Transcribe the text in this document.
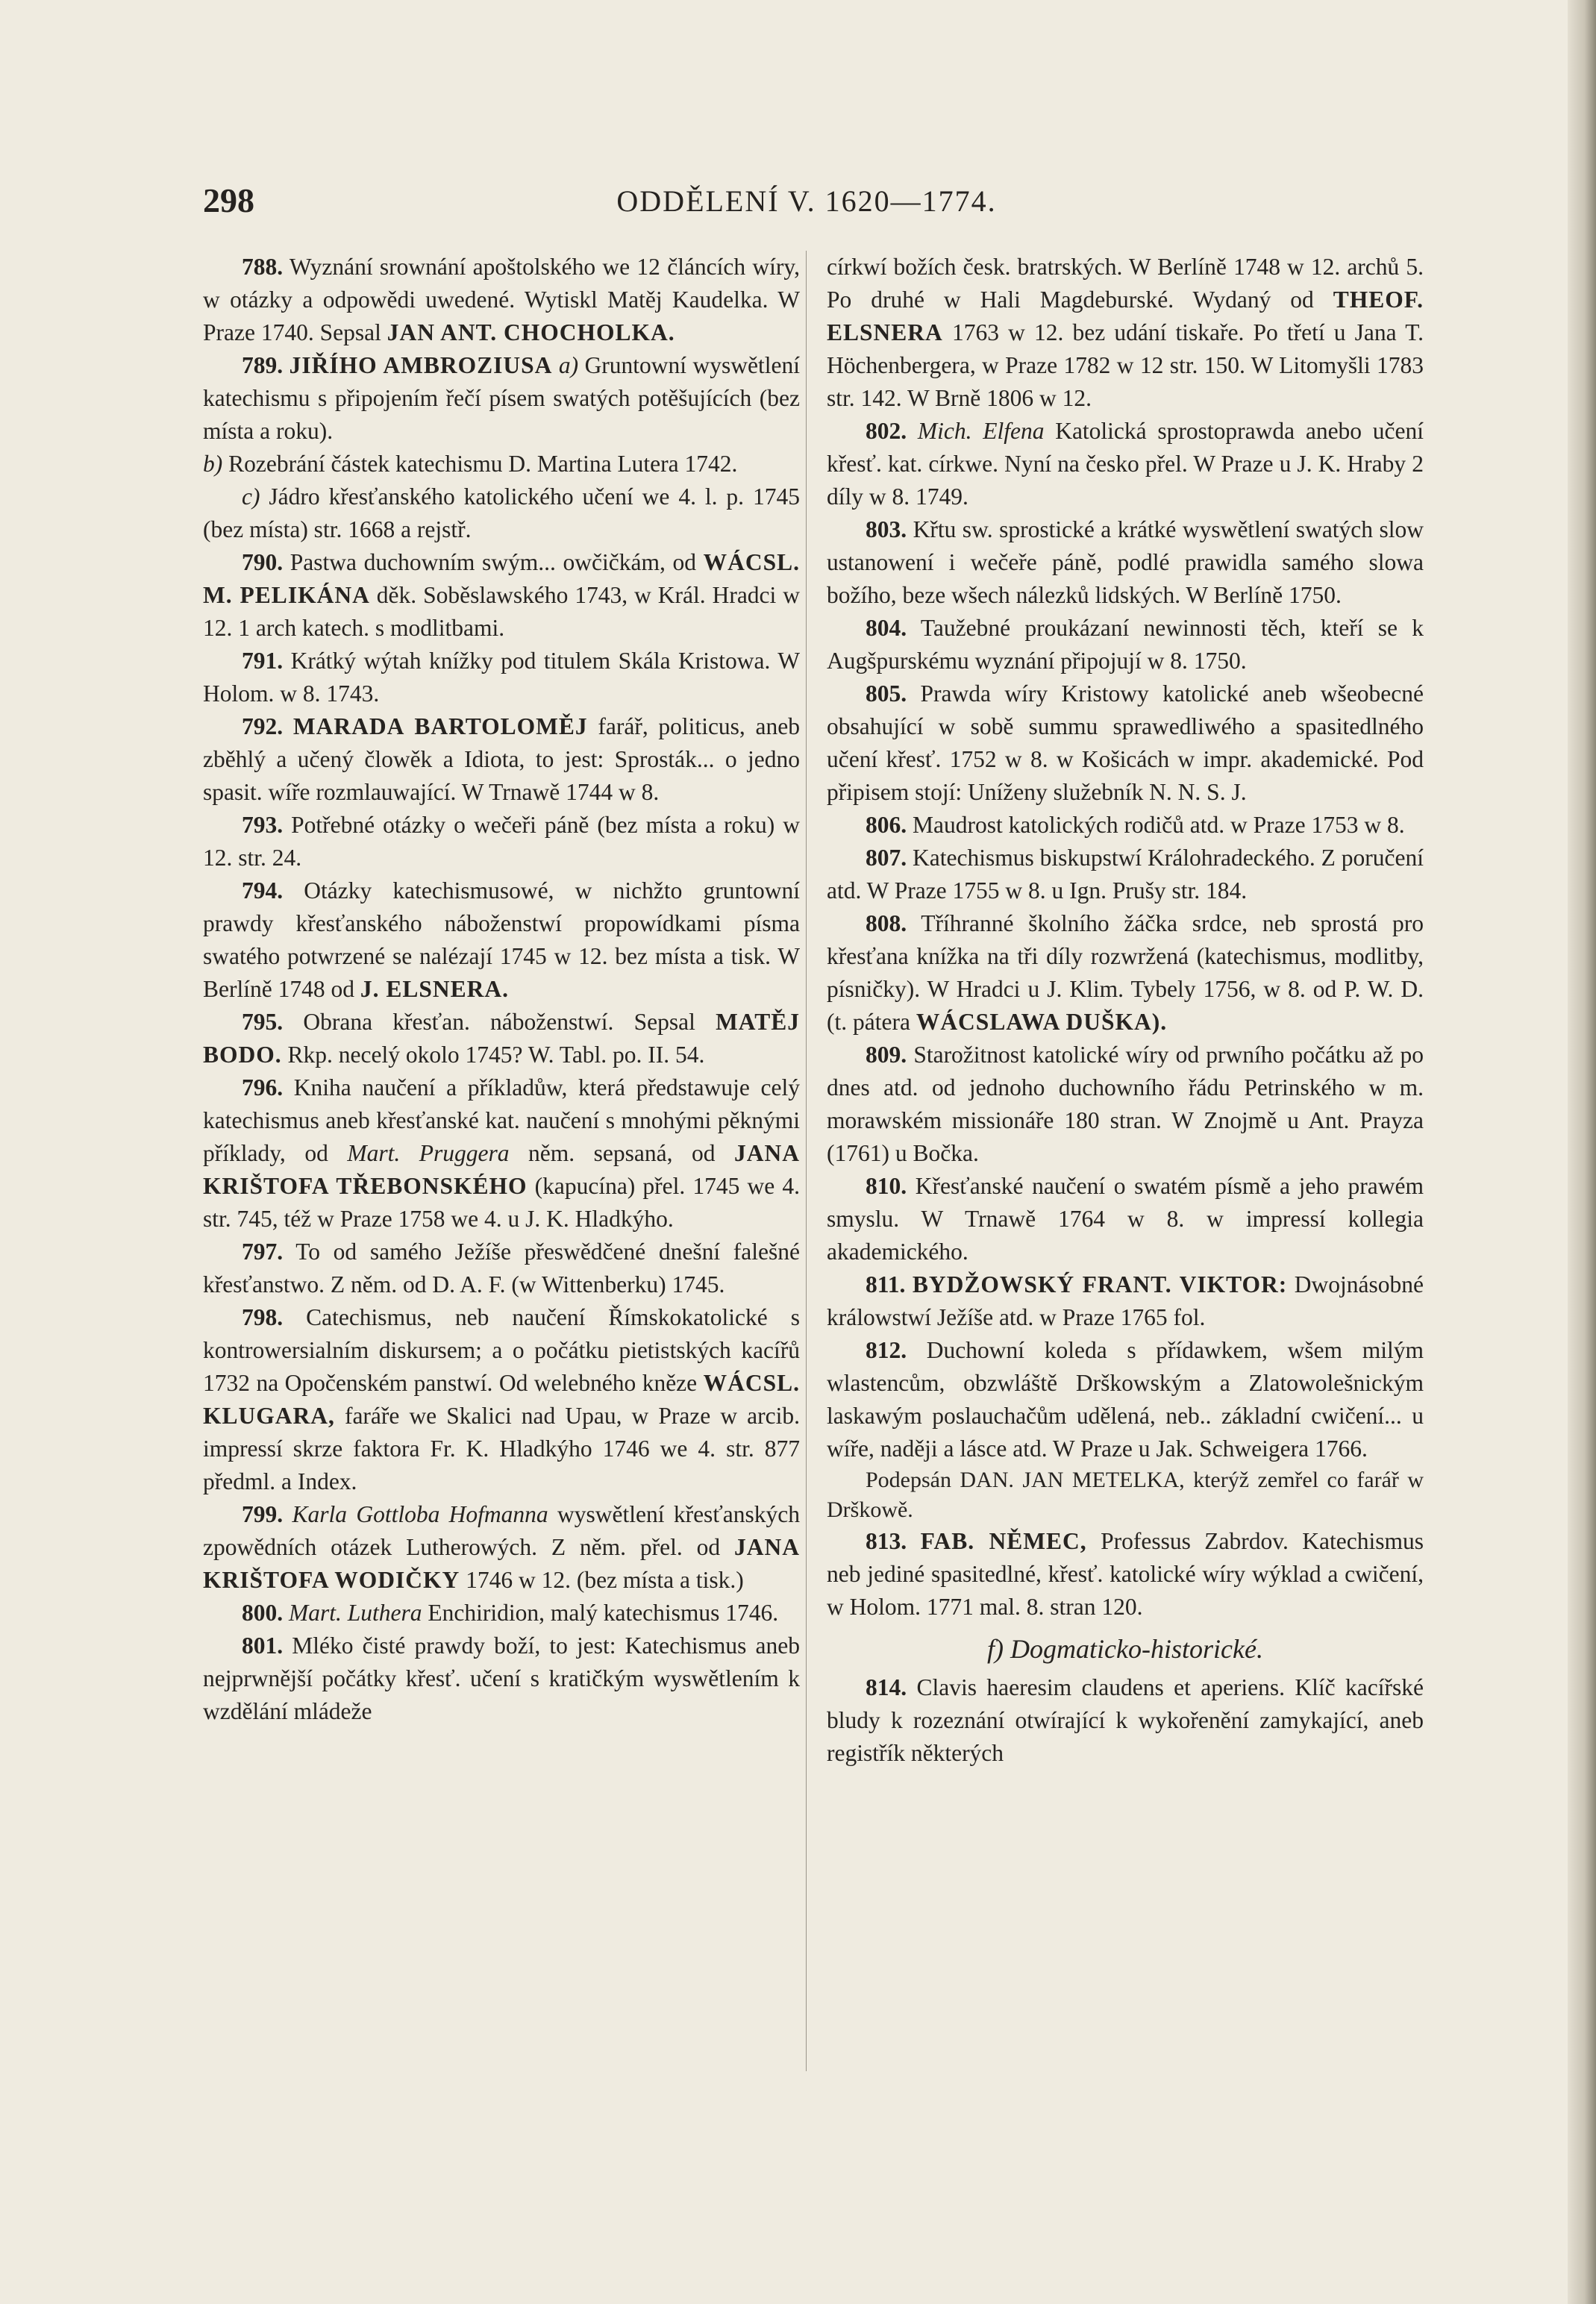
298	ODDĚLENÍ V. 1620—1774.

788. Wyznání srownání apoštolského we 12 článcích wíry, w otázky a odpowědi uwedené. Wytiskl Matěj Kaudelka. W Praze 1740. Sepsal JAN ANT. CHOCHOLKA.

789. JIŘÍHO AMBROZIUSA a) Gruntowní wyswětlení katechismu s připojením řečí písem swatých potěšujících (bez místa a roku).

b) Rozebrání částek katechismu D. Martina Lutera 1742.

c) Jádro křesťanského katolického učení we 4. l. p. 1745 (bez místa) str. 1668 a rejstř.

790. Pastwa duchowním swým... owčičkám, od WÁCSL. M. PELIKÁNA děk. Soběslawského 1743, w Král. Hradci w 12. 1 arch katech. s modlitbami.

791. Krátký wýtah knížky pod titulem Skála Kristowa. W Holom. w 8. 1743.

792. MARADA BARTOLOMĚJ farář, politicus, aneb zběhlý a učený člowěk a Idiota, to jest: Sprosták... o jedno spasit. wíře rozmlauwající. W Trnawě 1744 w 8.

793. Potřebné otázky o wečeři páně (bez místa a roku) w 12. str. 24.

794. Otázky katechismusowé, w nichžto gruntowní prawdy křesťanského náboženstwí propowídkami písma swatého potwrzené se nalézají 1745 w 12. bez místa a tisk. W Berlíně 1748 od J. ELSNERA.

795. Obrana křesťan. náboženstwí. Sepsal MATĚJ BODO. Rkp. necelý okolo 1745? W. Tabl. po. II. 54.

796. Kniha naučení a příkladůw, která předstawuje celý katechismus aneb křesťanské kat. naučení s mnohými pěknými příklady, od Mart. Pruggera něm. sepsaná, od JANA KRIŠTOFA TŘEBONSKÉHO (kapucína) přel. 1745 we 4. str. 745, též w Praze 1758 we 4. u J. K. Hladkýho.

797. To od samého Ježíše přeswědčené dnešní falešné křesťanstwo. Z něm. od D. A. F. (w Wittenberku) 1745.

798. Catechismus, neb naučení Římskokatolické s kontrowersialním diskursem; a o počátku pietistských kacířů 1732 na Opočenském panstwí. Od welebného kněze WÁCSL. KLUGARA, faráře we Skalici nad Upau, w Praze w arcib. impressí skrze faktora Fr. K. Hladkýho 1746 we 4. str. 877 předml. a Index.

799. Karla Gottloba Hofmanna wyswětlení křesťanských zpowědních otázek Lutherowých. Z něm. přel. od JANA KRIŠTOFA WODIČKY 1746 w 12. (bez místa a tisk.)

800. Mart. Luthera Enchiridion, malý katechismus 1746.

801. Mléko čisté prawdy boží, to jest: Katechismus aneb nejprwnější počátky křesť. učení s kratičkým wyswětlením k wzdělání mládeže

církwí božích česk. bratrských. W Berlíně 1748 w 12. archů 5. Po druhé w Hali Magdeburské. Wydaný od THEOF. ELSNERA 1763 w 12. bez udání tiskaře. Po třetí u Jana T. Höchenbergera, w Praze 1782 w 12 str. 150. W Litomyšli 1783 str. 142. W Brně 1806 w 12.

802. Mich. Elfena Katolická sprostoprawda anebo učení křesť. kat. církwe. Nyní na česko přel. W Praze u J. K. Hraby 2 díly w 8. 1749.

803. Křtu sw. sprostické a krátké wyswětlení swatých slow ustanowení i wečeře páně, podlé prawidla samého slowa božího, beze wšech nálezků lidských. W Berlíně 1750.

804. Taužebné proukázaní newinnosti těch, kteří se k Augšpurskému wyznání připojují w 8. 1750.

805. Prawda wíry Kristowy katolické aneb wšeobecné obsahující w sobě summu sprawedliwého a spasitedlného učení křesť. 1752 w 8. w Košicách w impr. akademické. Pod připisem stojí: Uníženy služebník N. N. S. J.

806. Maudrost katolických rodičů atd. w Praze 1753 w 8.

807. Katechismus biskupstwí Králohradeckého. Z poručení atd. W Praze 1755 w 8. u Ign. Prušy str. 184.

808. Tříhranné školního žáčka srdce, neb sprostá pro křesťana knížka na tři díly rozwržená (katechismus, modlitby, písničky). W Hradci u J. Klim. Tybely 1756, w 8. od P. W. D. (t. pátera WÁCSLAWA DUŠKA).

809. Starožitnost katolické wíry od prwního počátku až po dnes atd. od jednoho duchowního řádu Petrinského w m. morawském missionáře 180 stran. W Znojmě u Ant. Prayza (1761) u Bočka.

810. Křesťanské naučení o swatém písmě a jeho prawém smyslu. W Trnawě 1764 w 8. w impressí kollegia akademického.

811. BYDŽOWSKÝ FRANT. VIKTOR: Dwojnásobné králowstwí Ježíše atd. w Praze 1765 fol.

812. Duchowní koleda s přídawkem, wšem milým wlastencům, obzwláště Drškowským a Zlatowolešnickým laskawým poslauchačům udělená, neb.. základní cwičení... u wíře, naději a lásce atd. W Praze u Jak. Schweigera 1766.

Podepsán DAN. JAN METELKA, kterýž zemřel co farář w Drškowě.

813. FAB. NĚMEC, Professus Zabrdov. Katechismus neb jediné spasitedlné, křesť. katolické wíry wýklad a cwičení, w Holom. 1771 mal. 8. stran 120.

f) Dogmaticko-historické.

814. Clavis haeresim claudens et aperiens. Klíč kacířské bludy k rozeznání otwírající k wykořenění zamykající, aneb registřík některých
